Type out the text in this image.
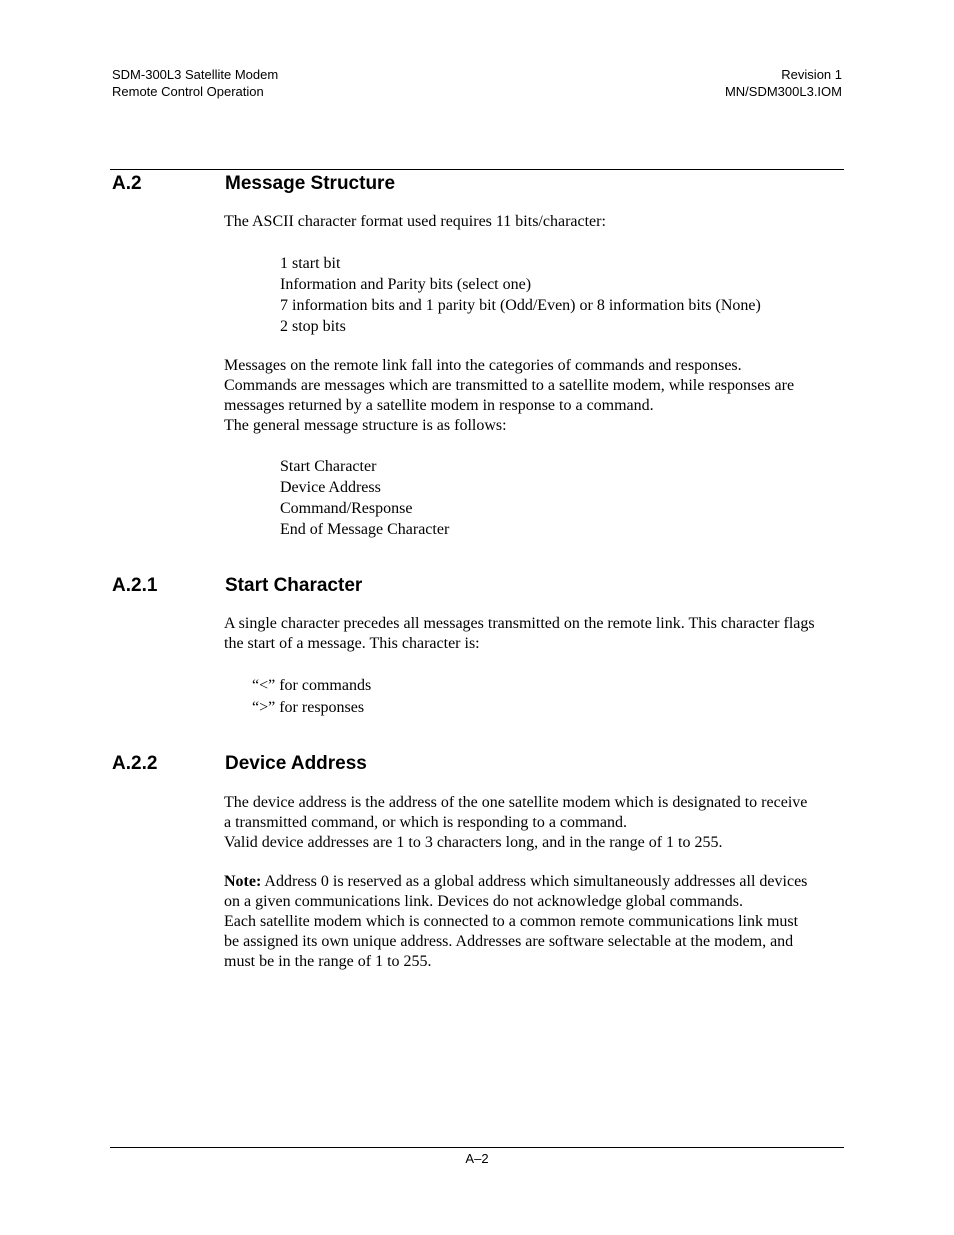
SDM-300L3 Satellite Modem
Remote Control Operation
Revision 1
MN/SDM300L3.IOM
A.2	Message Structure
The ASCII character format used requires 11 bits/character:
1 start bit
Information and Parity bits (select one)
7 information bits and 1 parity bit (Odd/Even) or 8 information bits (None)
2 stop bits
Messages on the remote link fall into the categories of commands and responses.
Commands are messages which are transmitted to a satellite modem, while responses are
messages returned by a satellite modem in response to a command.
The general message structure is as follows:
Start Character
Device Address
Command/Response
End of Message Character
A.2.1	Start Character
A single character precedes all messages transmitted on the remote link. This character flags
the start of a message. This character is:
“<” for commands
“>” for responses
A.2.2	Device Address
The device address is the address of the one satellite modem which is designated to receive
a transmitted command, or which is responding to a command.
Valid device addresses are 1 to 3 characters long, and in the range of 1 to 255.
Note: Address 0 is reserved as a global address which simultaneously addresses all devices
on a given communications link. Devices do not acknowledge global commands.
Each satellite modem which is connected to a common remote communications link must
be assigned its own unique address. Addresses are software selectable at the modem, and
must be in the range of 1 to 255.
A–2
